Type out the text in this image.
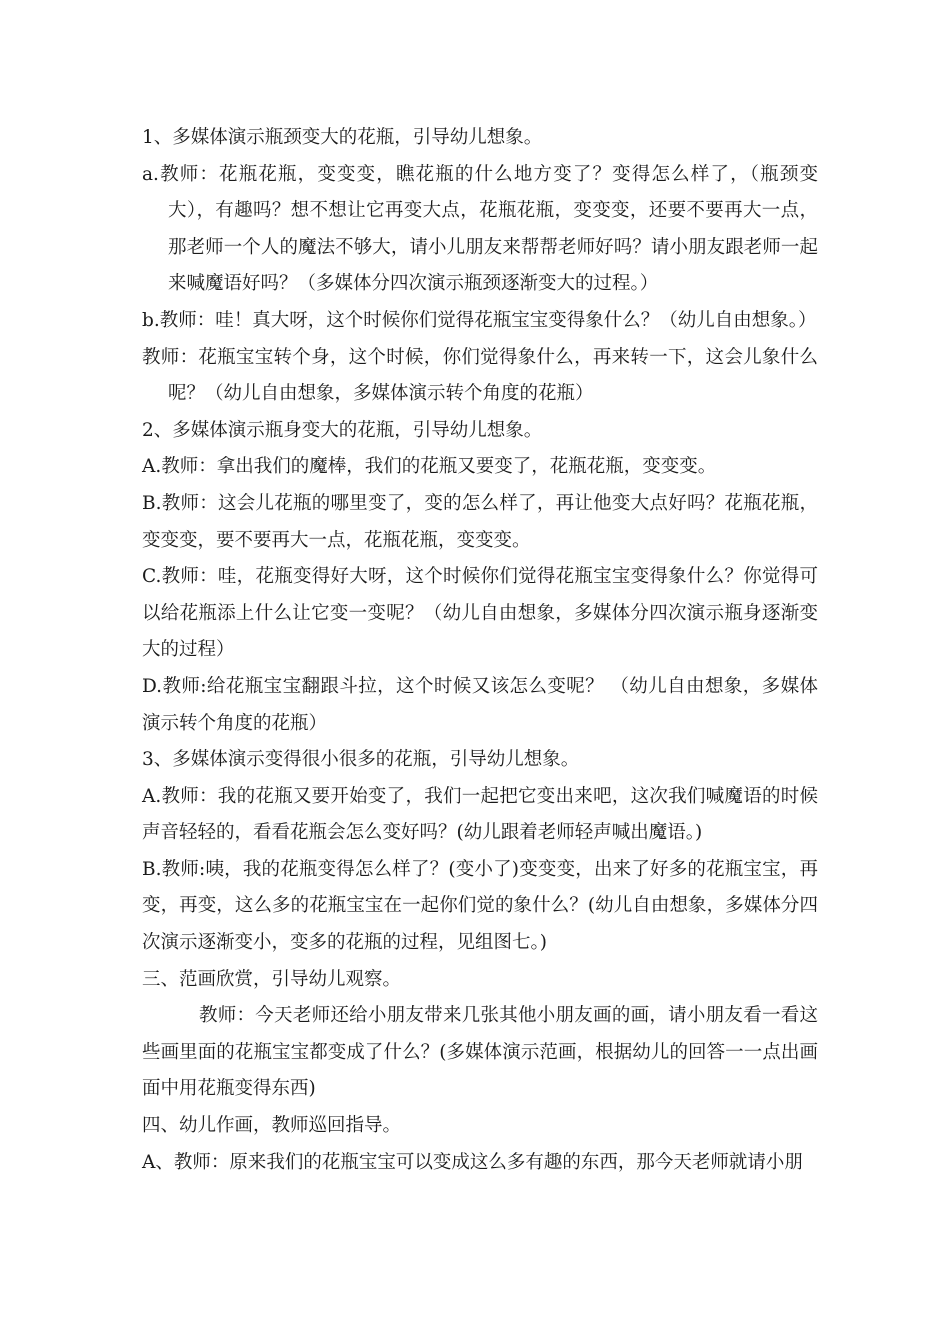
1、多媒体演示瓶颈变大的花瓶，引导幼儿想象。

a.教师：花瓶花瓶，变变变，瞧花瓶的什么地方变了？变得怎么样了，（瓶颈变大），有趣吗？想不想让它再变大点，花瓶花瓶，变变变，还要不要再大一点，那老师一个人的魔法不够大，请小儿朋友来帮帮老师好吗？请小朋友跟老师一起来喊魔语好吗？（多媒体分四次演示瓶颈逐渐变大的过程。）

b.教师：哇！真大呀，这个时候你们觉得花瓶宝宝变得象什么？（幼儿自由想象。）

教师：花瓶宝宝转个身，这个时候，你们觉得象什么，再来转一下，这会儿象什么呢？（幼儿自由想象，多媒体演示转个角度的花瓶）

2、多媒体演示瓶身变大的花瓶，引导幼儿想象。

A.教师：拿出我们的魔棒，我们的花瓶又要变了，花瓶花瓶，变变变。

B.教师：这会儿花瓶的哪里变了，变的怎么样了，再让他变大点好吗？花瓶花瓶，变变变，要不要再大一点，花瓶花瓶，变变变。

C.教师：哇，花瓶变得好大呀，这个时候你们觉得花瓶宝宝变得象什么？你觉得可以给花瓶添上什么让它变一变呢？（幼儿自由想象，多媒体分四次演示瓶身逐渐变大的过程）

D.教师:给花瓶宝宝翻跟斗拉，这个时候又该怎么变呢？ （幼儿自由想象，多媒体演示转个角度的花瓶）

3、多媒体演示变得很小很多的花瓶，引导幼儿想象。

A.教师：我的花瓶又要开始变了，我们一起把它变出来吧，这次我们喊魔语的时候声音轻轻的，看看花瓶会怎么变好吗？(幼儿跟着老师轻声喊出魔语。)

B.教师:咦，我的花瓶变得怎么样了？(变小了)变变变，出来了好多的花瓶宝宝，再变，再变，这么多的花瓶宝宝在一起你们觉的象什么？(幼儿自由想象，多媒体分四次演示逐渐变小，变多的花瓶的过程，见组图七。)

三、范画欣赏，引导幼儿观察。

教师：今天老师还给小朋友带来几张其他小朋友画的画，请小朋友看一看这些画里面的花瓶宝宝都变成了什么？(多媒体演示范画，根据幼儿的回答一一点出画面中用花瓶变得东西)

四、幼儿作画，教师巡回指导。

A、教师：原来我们的花瓶宝宝可以变成这么多有趣的东西，那今天老师就请小朋
